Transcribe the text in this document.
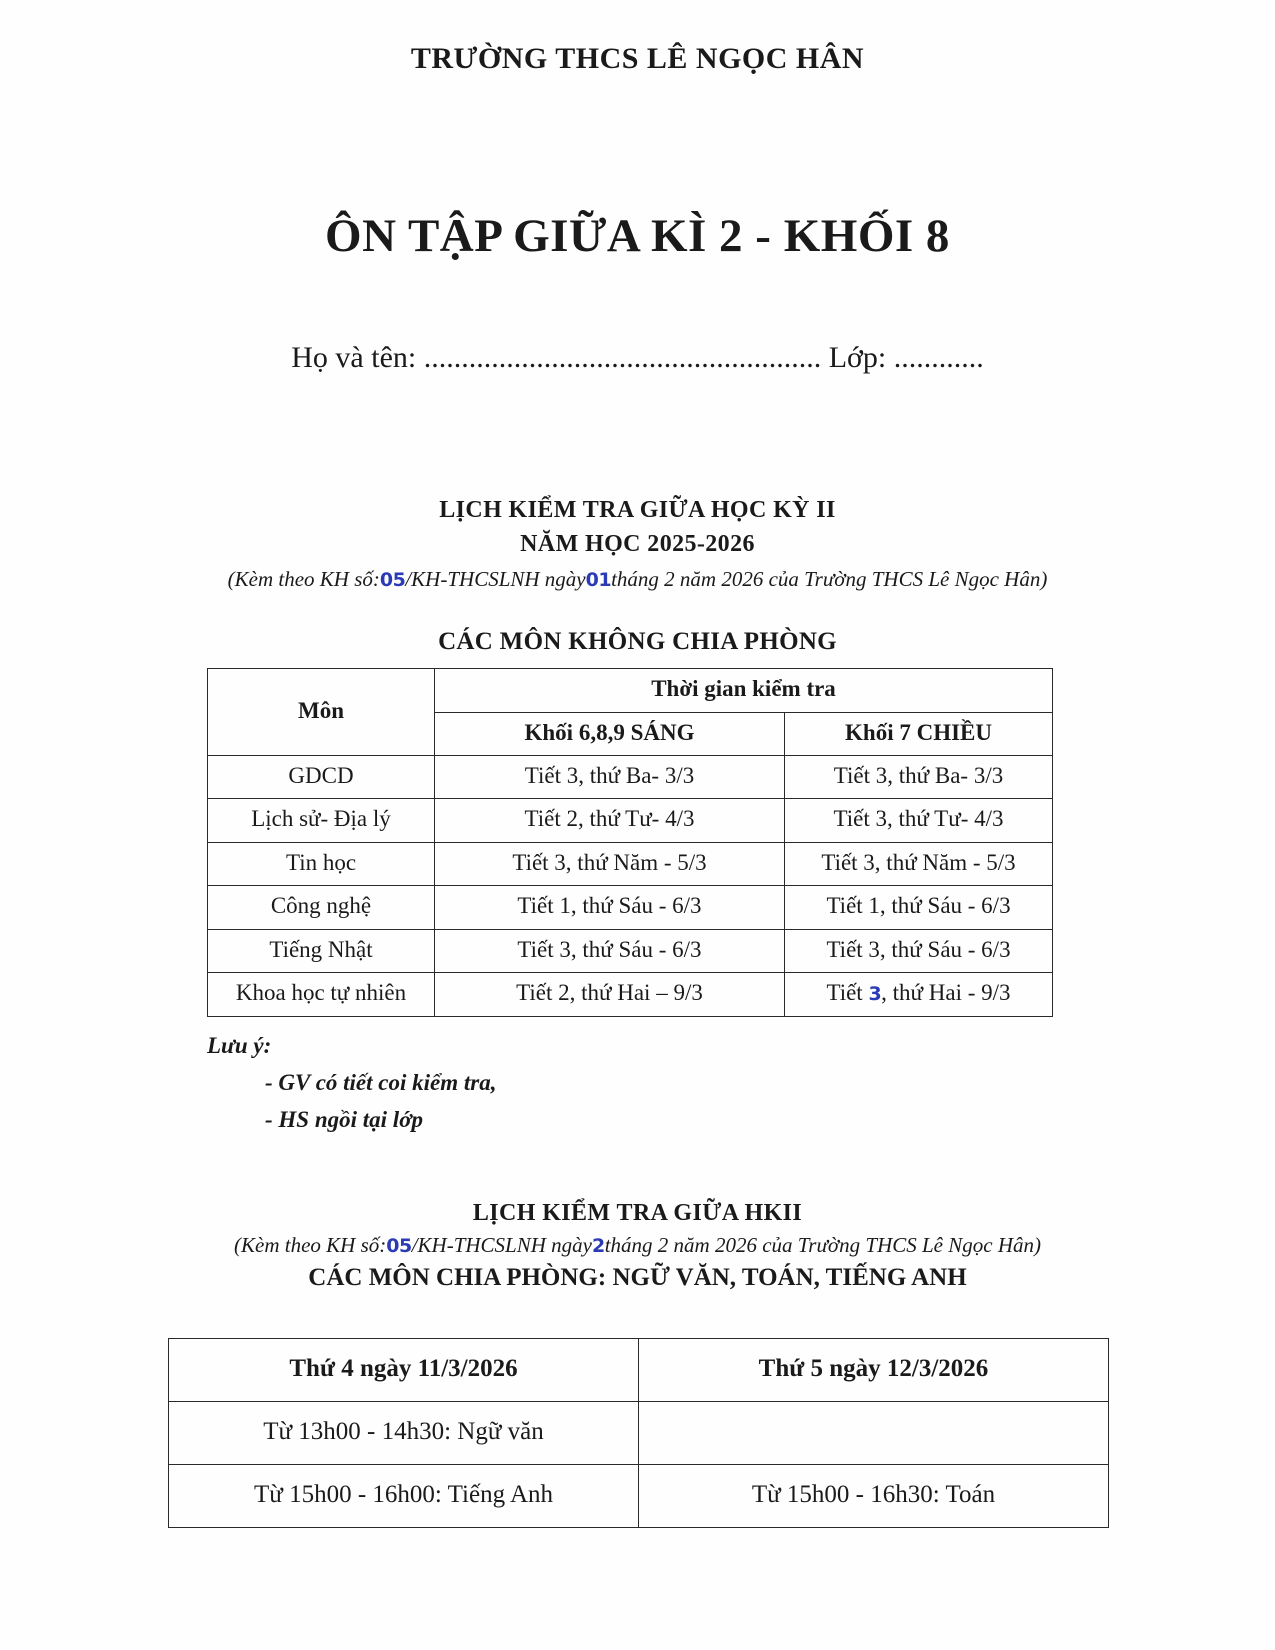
TRƯỜNG THCS LÊ NGỌC HÂN
ÔN TẬP GIỮA KÌ 2 - KHỐI 8
Họ và tên: ..................................................... Lớp: ............
LỊCH KIỂM TRA GIỮA HỌC KỲ II
NĂM HỌC 2025-2026
(Kèm theo KH số:05/KH-THCSLNH ngày01tháng 2 năm 2026 của Trường THCS Lê Ngọc Hân)
CÁC MÔN KHÔNG CHIA PHÒNG
Môn	Thời gian kiểm tra	
	Khối 6,8,9 SÁNG	Khối 7 CHIỀU
GDCD	Tiết 3, thứ Ba- 3/3	Tiết 3, thứ Ba- 3/3
Lịch sử- Địa lý	Tiết 2, thứ Tư- 4/3	Tiết 3, thứ Tư- 4/3
Tin học	Tiết 3, thứ Năm - 5/3	Tiết 3, thứ Năm - 5/3
Công nghệ	Tiết 1, thứ Sáu - 6/3	Tiết 1, thứ Sáu - 6/3
Tiếng Nhật	Tiết 3, thứ Sáu - 6/3	Tiết 3, thứ Sáu - 6/3
Khoa học tự nhiên	Tiết 2, thứ Hai – 9/3	Tiết 3, thứ Hai - 9/3
Lưu ý:
- GV có tiết coi kiểm tra,
- HS ngồi tại lớp
LỊCH KIỂM TRA GIỮA HKII
(Kèm theo KH số:05/KH-THCSLNH ngày2tháng 2 năm 2026 của Trường THCS Lê Ngọc Hân)
CÁC MÔN CHIA PHÒNG: NGỮ VĂN, TOÁN, TIẾNG ANH
Thứ 4 ngày 11/3/2026	Thứ 5 ngày 12/3/2026
Từ 13h00 - 14h30: Ngữ văn	
Từ 15h00 - 16h00: Tiếng Anh	Từ 15h00 - 16h30: Toán
